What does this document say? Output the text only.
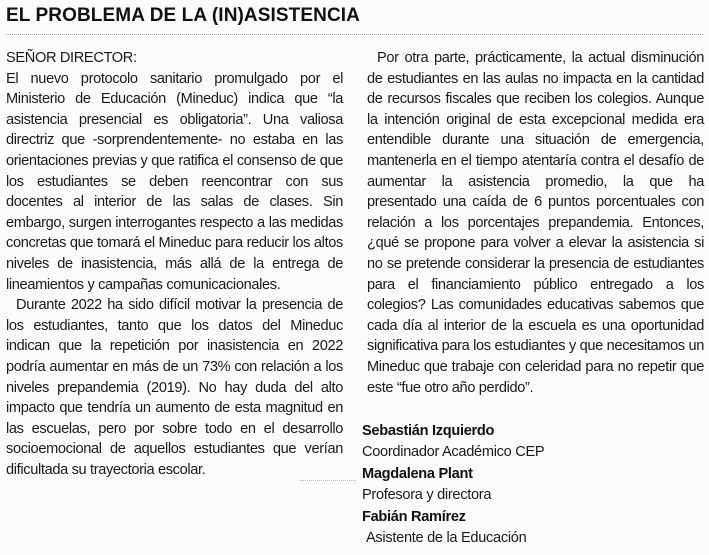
EL PROBLEMA DE LA (IN)ASISTENCIA

SEÑOR DIRECTOR:
El nuevo protocolo sanitario promulgado por el Ministerio de Educación (Mineduc) indica que “la asistencia presencial es obligatoria”. Una valiosa directriz que -sorprendentemente- no estaba en las orientaciones previas y que ratifica el consenso de que los estudiantes se deben reencontrar con sus docentes al interior de las salas de clases. Sin embargo, surgen interrogantes respecto a las medidas concretas que tomará el Mineduc para reducir los altos niveles de inasistencia, más allá de la entrega de lineamientos y campañas comunicacionales.

Durante 2022 ha sido difícil motivar la presencia de los estudiantes, tanto que los datos del Mineduc indican que la repetición por inasistencia en 2022 podría aumentar en más de un 73% con relación a los niveles prepandemia (2019). No hay duda del alto impacto que tendría un aumento de esta magnitud en las escuelas, pero por sobre todo en el desarrollo socioemocional de aquellos estudiantes que verían dificultada su trayectoria escolar.

Por otra parte, prácticamente, la actual disminución de estudiantes en las aulas no impacta en la cantidad de recursos fiscales que reciben los colegios. Aunque la intención original de esta excepcional medida era entendible durante una situación de emergencia, mantenerla en el tiempo atentaría contra el desafío de aumentar la asistencia promedio, la que ha presentado una caída de 6 puntos porcentuales con relación a los porcentajes prepandemia. Entonces, ¿qué se propone para volver a elevar la asistencia si no se pretende considerar la presencia de estudiantes para el financiamiento público entregado a los colegios? Las comunidades educativas sabemos que cada día al interior de la escuela es una oportunidad significativa para los estudiantes y que necesitamos un Mineduc que trabaje con celeridad para no repetir que este “fue otro año perdido”.

Sebastián Izquierdo
Coordinador Académico CEP
Magdalena Plant
Profesora y directora
Fabián Ramírez
Asistente de la Educación
